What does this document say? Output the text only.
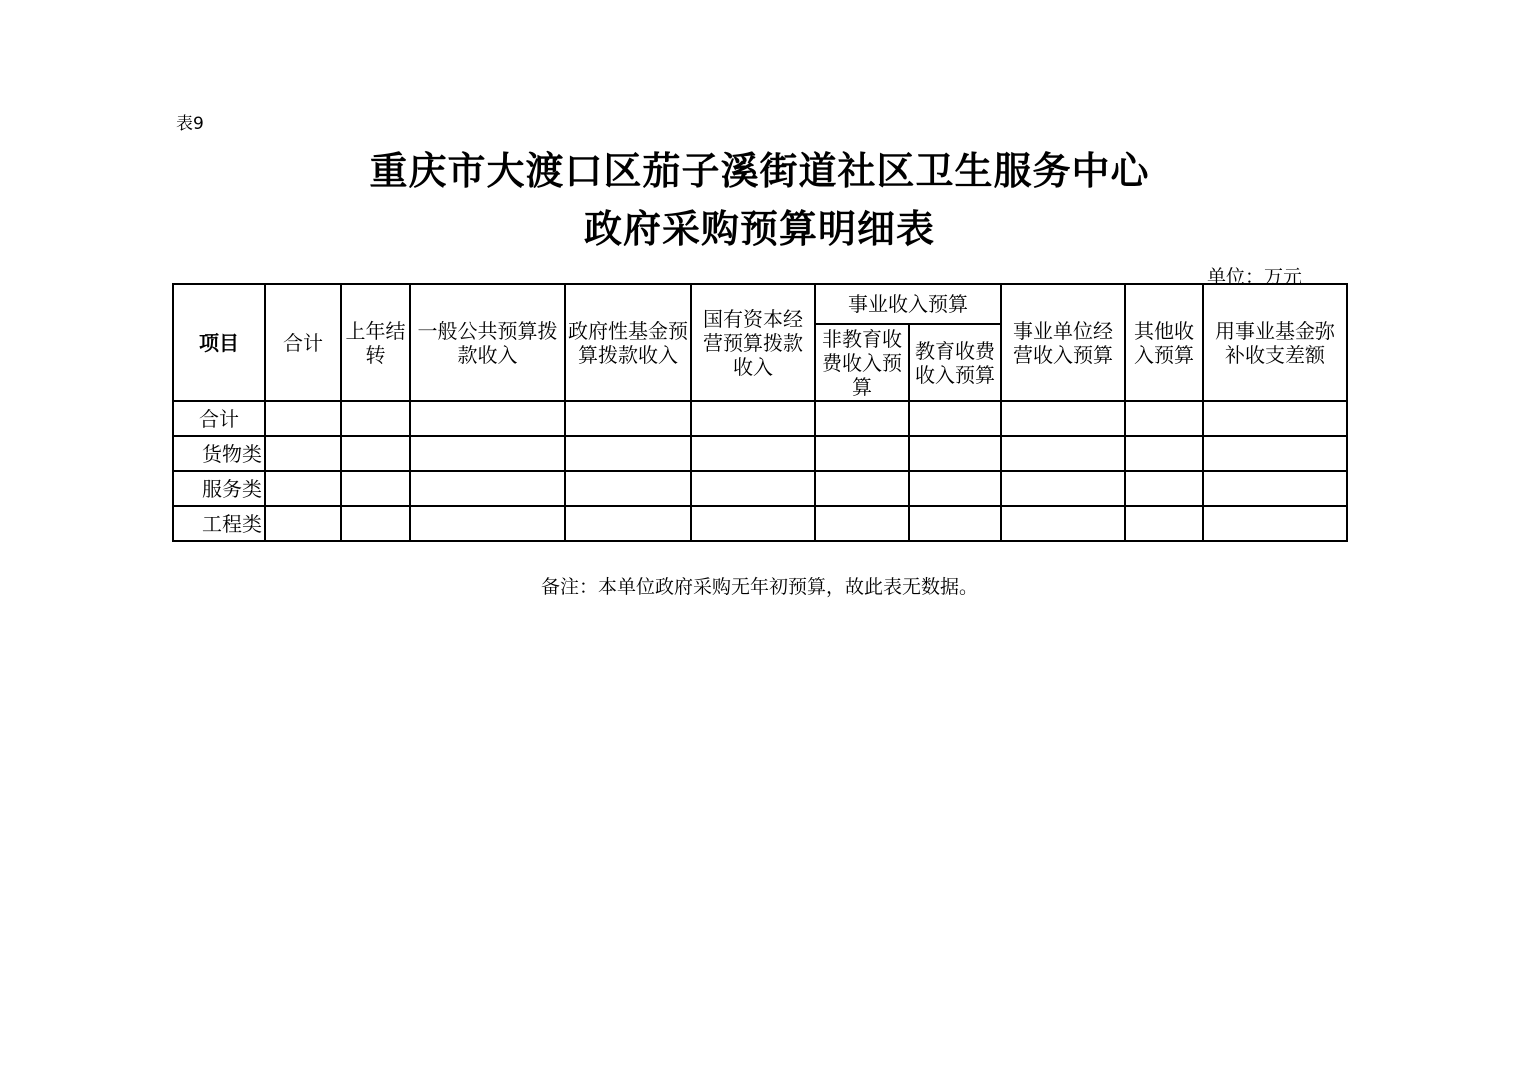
表9
重庆市大渡口区茄子溪街道社区卫生服务中心
政府采购预算明细表
单位：万元
项目	合计	上年结转	一般公共预算拨款收入	政府性基金预算拨款收入	国有资本经营预算拨款收入	事业收入预算		事业单位经营收入预算	其他收入预算	用事业基金弥补收支差额
						非教育收费收入预算	教育收费收入预算			
合计										
货物类										
服务类										
工程类										
备注：本单位政府采购无年初预算，故此表无数据。
